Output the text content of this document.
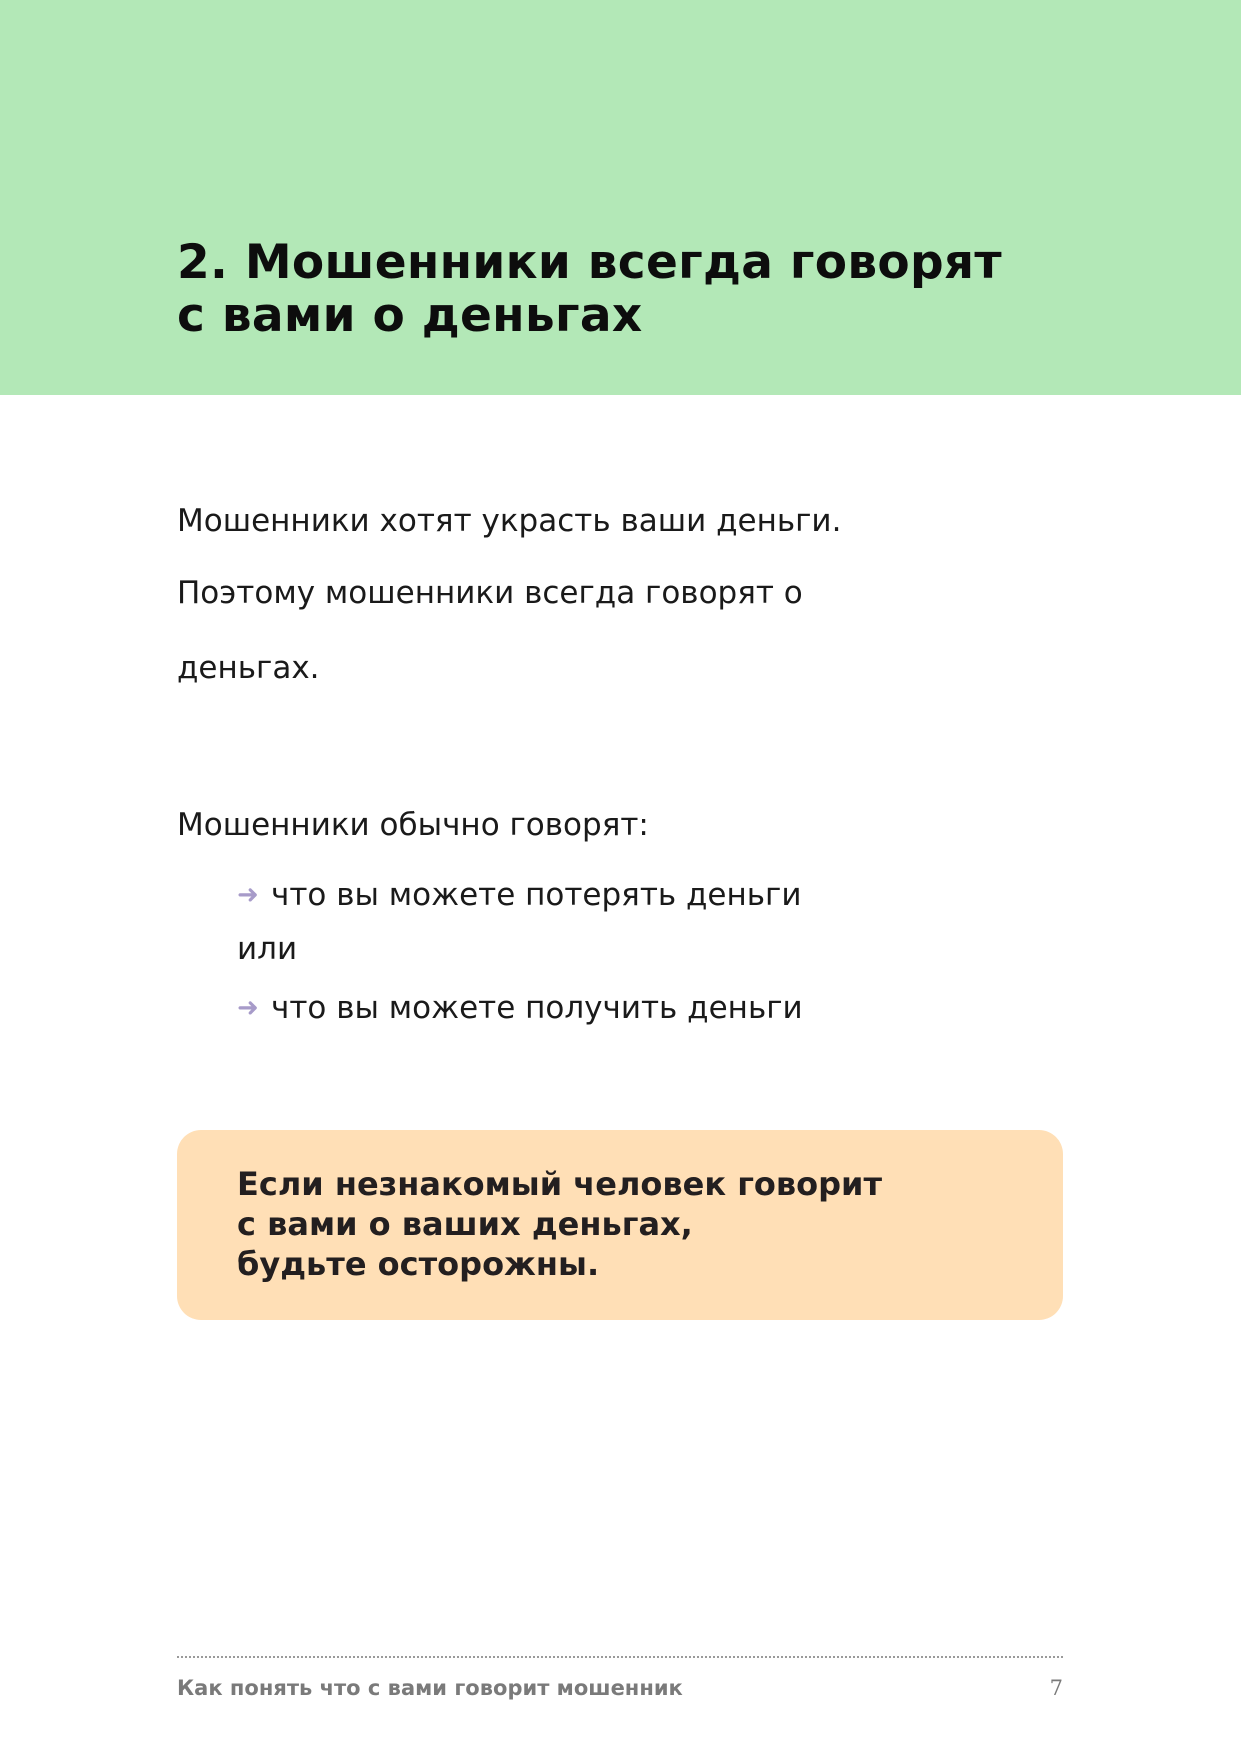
2. Мошенники всегда говорят
с вами о деньгах

Мошенники хотят украсть ваши деньги.
Поэтому мошенники всегда говорят о
деньгах.

Мошенники обычно говорят:

➜ что вы можете потерять деньги
или
➜ что вы можете получить деньги

Если незнакомый человек говорит
с вами о ваших деньгах,
будьте осторожны.

Как понять что с вами говорит мошенник	7
